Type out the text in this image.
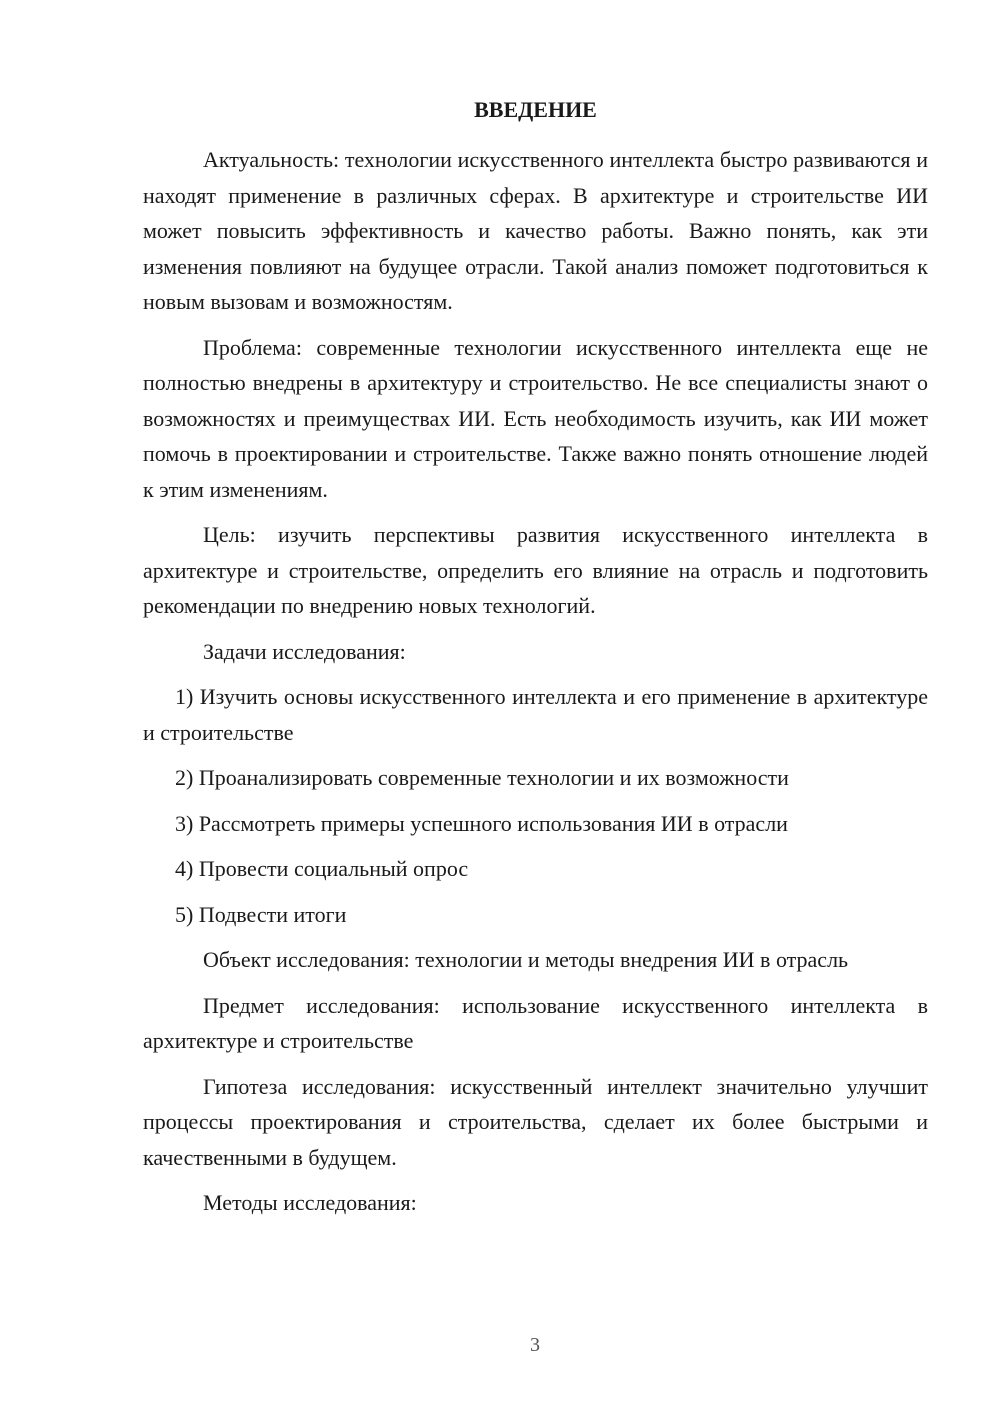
ВВЕДЕНИЕ

Актуальность: технологии искусственного интеллекта быстро развиваются и находят применение в различных сферах. В архитектуре и строительстве ИИ может повысить эффективность и качество работы. Важно понять, как эти изменения повлияют на будущее отрасли. Такой анализ поможет подготовиться к новым вызовам и возможностям.

Проблема: современные технологии искусственного интеллекта еще не полностью внедрены в архитектуру и строительство. Не все специалисты знают о возможностях и преимуществах ИИ. Есть необходимость изучить, как ИИ может помочь в проектировании и строительстве. Также важно понять отношение людей к этим изменениям.

Цель: изучить перспективы развития искусственного интеллекта в архитектуре и строительстве, определить его влияние на отрасль и подготовить рекомендации по внедрению новых технологий.

Задачи исследования:

1) Изучить основы искусственного интеллекта и его применение в архитектуре и строительстве

2) Проанализировать современные технологии и их возможности

3) Рассмотреть примеры успешного использования ИИ в отрасли

4) Провести социальный опрос

5) Подвести итоги

Объект исследования: технологии и методы внедрения ИИ в отрасль

Предмет исследования: использование искусственного интеллекта в архитектуре и строительстве

Гипотеза исследования: искусственный интеллект значительно улучшит процессы проектирования и строительства, сделает их более быстрыми и качественными в будущем.

Методы исследования:

3
